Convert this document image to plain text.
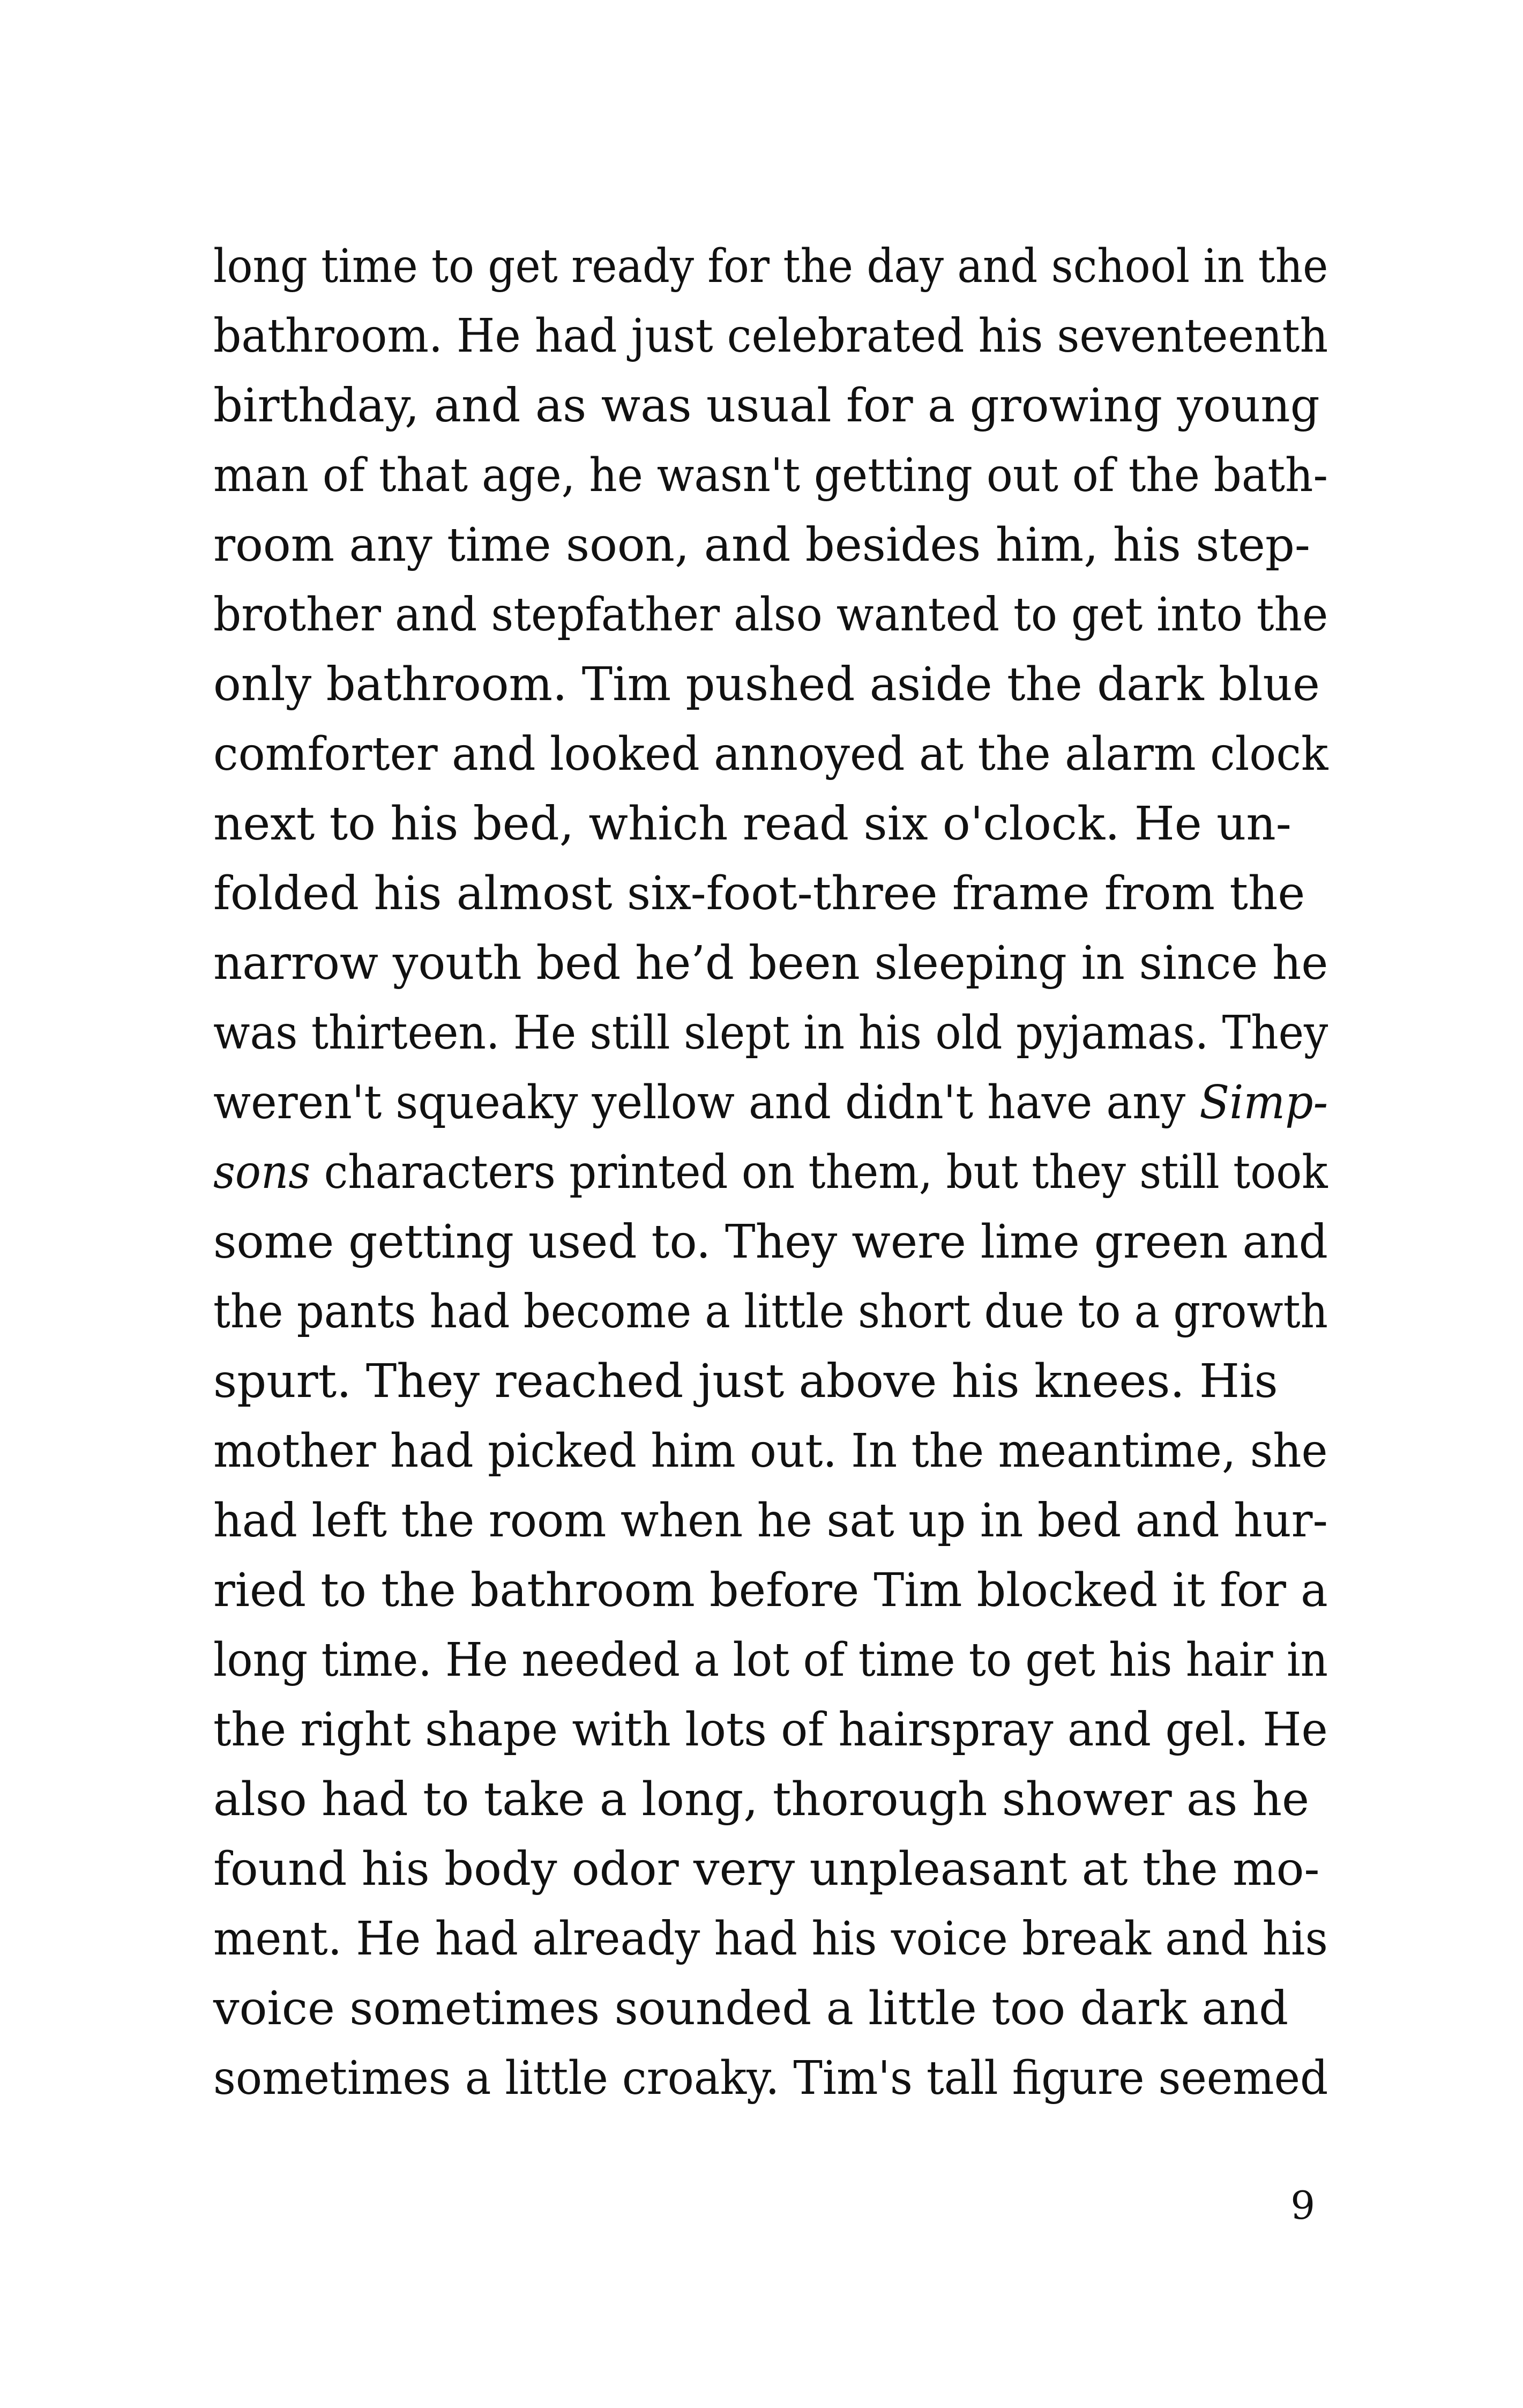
long time to get ready for the day and school in the
bathroom. He had just celebrated his seventeenth
birthday, and as was usual for a growing young
man of that age, he wasn't getting out of the bath-
room any time soon, and besides him, his step-
brother and stepfather also wanted to get into the
only bathroom. Tim pushed aside the dark blue
comforter and looked annoyed at the alarm clock
next to his bed, which read six o'clock. He un-
folded his almost six-foot-three frame from the
narrow youth bed he’d been sleeping in since he
was thirteen. He still slept in his old pyjamas. They
weren't squeaky yellow and didn't have any Simp-
sons characters printed on them, but they still took
some getting used to. They were lime green and
the pants had become a little short due to a growth
spurt. They reached just above his knees. His
mother had picked him out. In the meantime, she
had left the room when he sat up in bed and hur-
ried to the bathroom before Tim blocked it for a
long time. He needed a lot of time to get his hair in
the right shape with lots of hairspray and gel. He
also had to take a long, thorough shower as he
found his body odor very unpleasant at the mo-
ment. He had already had his voice break and his
voice sometimes sounded a little too dark and
sometimes a little croaky. Tim's tall figure seemed
9
